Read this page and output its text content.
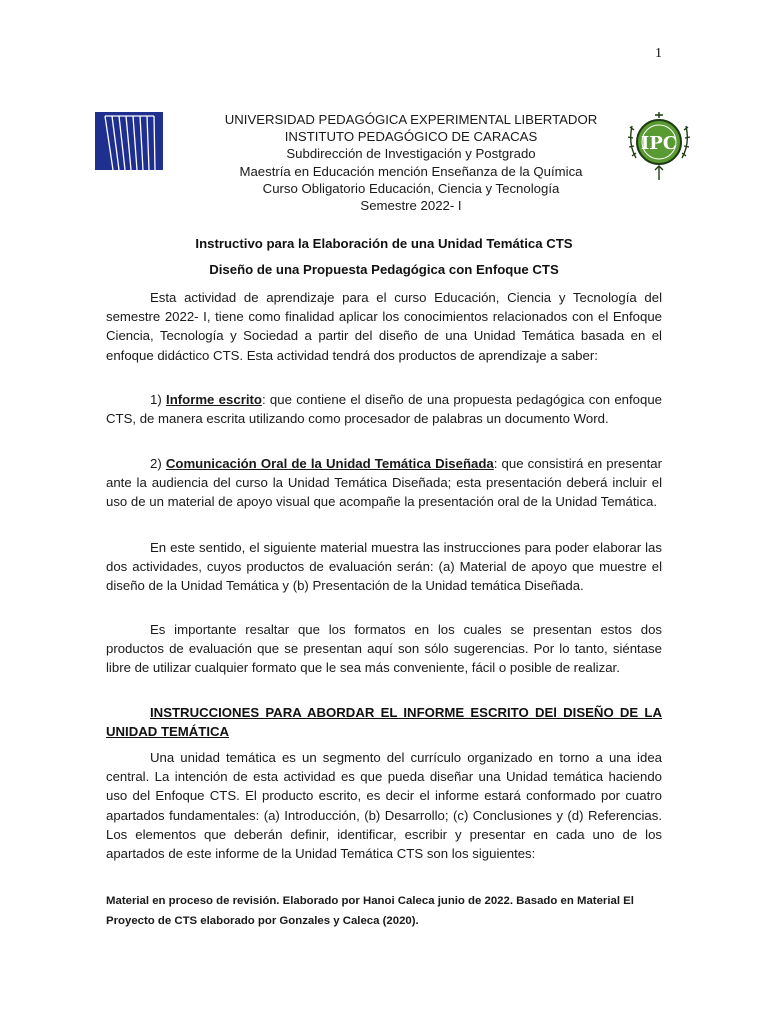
1
IPC
UNIVERSIDAD PEDAGÓGICA EXPERIMENTAL LIBERTADOR
INSTITUTO PEDAGÓGICO DE CARACAS
Subdirección de Investigación y Postgrado
Maestría en Educación mención Enseñanza de la Química
Curso Obligatorio Educación, Ciencia y Tecnología
Semestre 2022- I
Instructivo para la Elaboración de una Unidad Temática CTS
Diseño de una Propuesta Pedagógica con Enfoque CTS

Esta actividad de aprendizaje para el curso Educación, Ciencia y Tecnología del semestre 2022- I, tiene como finalidad aplicar los conocimientos relacionados con el Enfoque Ciencia, Tecnología y Sociedad a partir del diseño de una Unidad Temática basada en el enfoque didáctico CTS. Esta actividad tendrá dos productos de aprendizaje a saber:

1) Informe escrito: que contiene el diseño de una propuesta pedagógica con enfoque CTS, de manera escrita utilizando como procesador de palabras un documento Word.

2) Comunicación Oral de la Unidad Temática Diseñada: que consistirá en presentar ante la audiencia del curso la Unidad Temática Diseñada; esta presentación deberá incluir el uso de un material de apoyo visual que acompañe la presentación oral de la Unidad Temática.

En este sentido, el siguiente material muestra las instrucciones para poder elaborar las dos actividades, cuyos productos de evaluación serán: (a) Material de apoyo que muestre el diseño de la Unidad Temática y (b) Presentación de la Unidad temática Diseñada.

Es importante resaltar que los formatos en los cuales se presentan estos dos productos de evaluación que se presentan aquí son sólo sugerencias. Por lo tanto, siéntase libre de utilizar cualquier formato que le sea más conveniente, fácil o posible de realizar.

INSTRUCCIONES PARA ABORDAR EL INFORME ESCRITO DEl DISEÑO DE LA UNIDAD TEMÁTICA

Una unidad temática es un segmento del currículo organizado en torno a una idea central. La intención de esta actividad es que pueda diseñar una Unidad temática haciendo uso del Enfoque CTS. El producto escrito, es decir el informe estará conformado por cuatro apartados fundamentales: (a) Introducción, (b) Desarrollo; (c) Conclusiones y (d) Referencias. Los elementos que deberán definir, identificar, escribir y presentar en cada uno de los apartados de este informe de la Unidad Temática CTS son los siguientes:

Material en proceso de revisión. Elaborado por Hanoi Caleca junio de 2022. Basado en Material El Proyecto de CTS elaborado por Gonzales y Caleca (2020).
